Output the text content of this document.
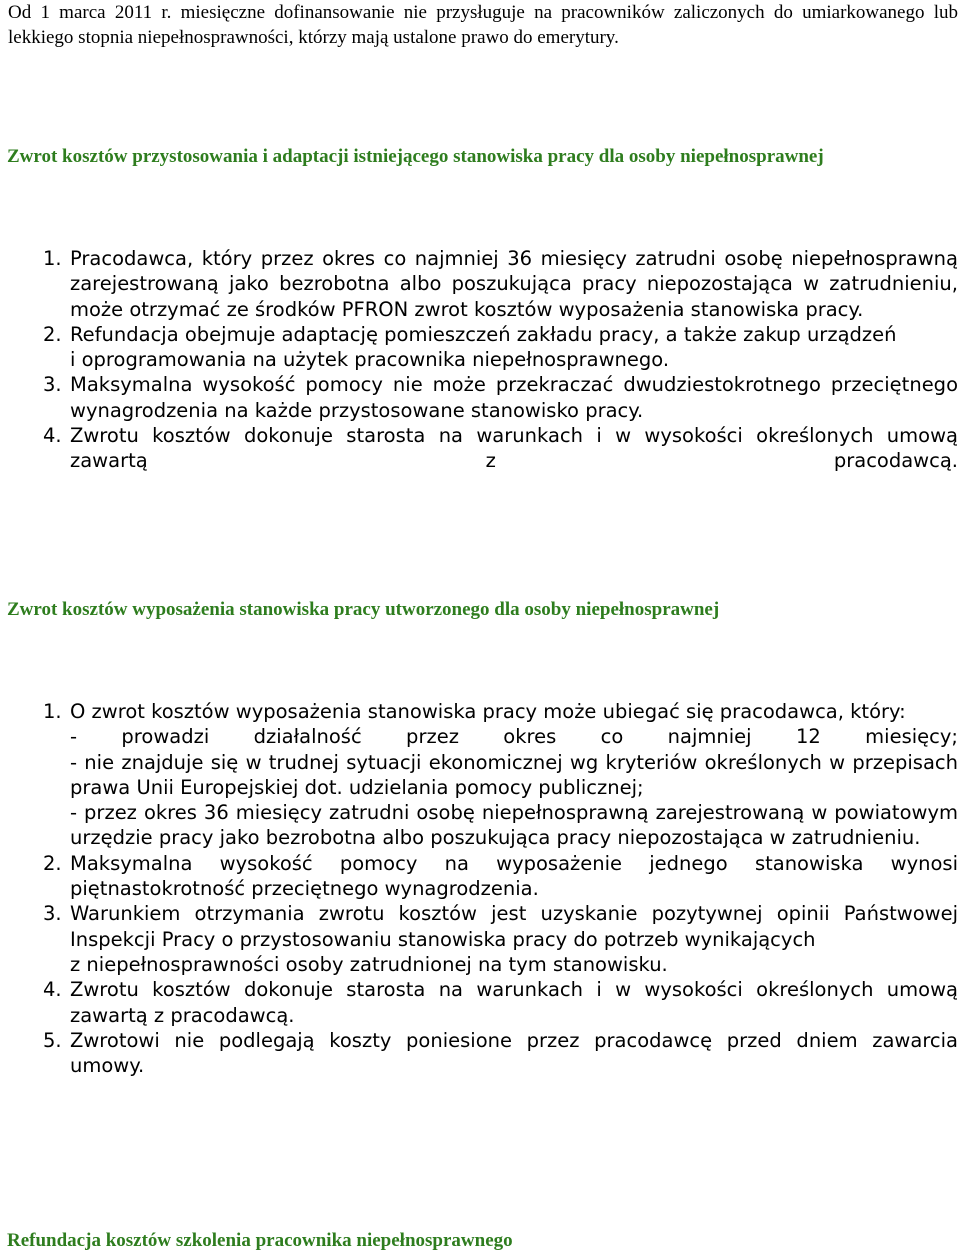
Od 1 marca 2011 r. miesięczne dofinansowanie nie przysługuje na pracowników zaliczonych do umiarkowanego lub lekkiego stopnia niepełnosprawności, którzy mają ustalone prawo do emerytury.

Zwrot kosztów przystosowania i adaptacji istniejącego stanowiska pracy dla osoby niepełnosprawnej
1. Pracodawca, który przez okres co najmniej 36 miesięcy zatrudni osobę niepełnosprawną zarejestrowaną jako bezrobotna albo poszukująca pracy niepozostająca w zatrudnieniu, może otrzymać ze środków PFRON zwrot kosztów wyposażenia stanowiska pracy.
2. Refundacja obejmuje adaptację pomieszczeń zakładu pracy, a także zakup urządzeń
i oprogramowania na użytek pracownika niepełnosprawnego.
3. Maksymalna wysokość pomocy nie może przekraczać dwudziestokrotnego przeciętnego wynagrodzenia na każde przystosowane stanowisko pracy.
4. Zwrotu kosztów dokonuje starosta na warunkach i w wysokości określonych umową zawartą z pracodawcą.
Zwrot kosztów wyposażenia stanowiska pracy utworzonego dla osoby niepełnosprawnej
1. O zwrot kosztów wyposażenia stanowiska pracy może ubiegać się pracodawca, który:
- prowadzi działalność przez okres co najmniej 12 miesięcy;
- nie znajduje się w trudnej sytuacji ekonomicznej wg kryteriów określonych w przepisach prawa Unii Europejskiej dot. udzielania pomocy publicznej;
- przez okres 36 miesięcy zatrudni osobę niepełnosprawną zarejestrowaną w powiatowym urzędzie pracy jako bezrobotna albo poszukująca pracy niepozostająca w zatrudnieniu.
2. Maksymalna wysokość pomocy na wyposażenie jednego stanowiska wynosi piętnastokrotność przeciętnego wynagrodzenia.
3. Warunkiem otrzymania zwrotu kosztów jest uzyskanie pozytywnej opinii Państwowej Inspekcji Pracy o przystosowaniu stanowiska pracy do potrzeb wynikających
z niepełnosprawności osoby zatrudnionej na tym stanowisku.
4. Zwrotu kosztów dokonuje starosta na warunkach i w wysokości określonych umową zawartą z pracodawcą.
5. Zwrotowi nie podlegają koszty poniesione przez pracodawcę przed dniem zawarcia umowy.
Refundacja kosztów szkolenia pracownika niepełnosprawnego
